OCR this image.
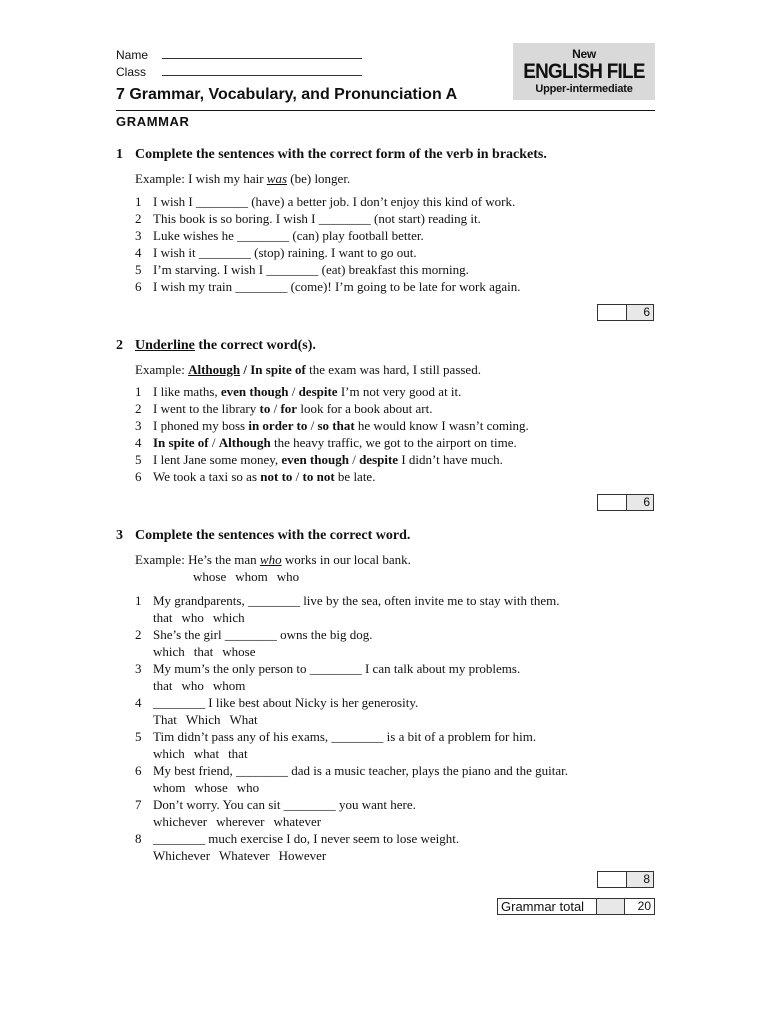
Name
Class
New
ENGLISH FILE
Upper-intermediate
7 Grammar, Vocabulary, and Pronunciation A
GRAMMAR
1 Complete the sentences with the correct form of the verb in brackets.
Example: I wish my hair was (be) longer.
1 I wish I ________ (have) a better job. I don’t enjoy this kind of work.
2 This book is so boring. I wish I ________ (not start) reading it.
3 Luke wishes he ________ (can) play football better.
4 I wish it ________ (stop) raining. I want to go out.
5 I’m starving. I wish I ________ (eat) breakfast this morning.
6 I wish my train ________ (come)! I’m going to be late for work again.
6
2 Underline the correct word(s).
Example: Although / In spite of the exam was hard, I still passed.
1 I like maths, even though / despite I’m not very good at it.
2 I went to the library to / for look for a book about art.
3 I phoned my boss in order to / so that he would know I wasn’t coming.
4 In spite of / Although the heavy traffic, we got to the airport on time.
5 I lent Jane some money, even though / despite I didn’t have much.
6 We took a taxi so as not to / to not be late.
6
3 Complete the sentences with the correct word.
Example: He’s the man who works in our local bank.
whose whom who
1 My grandparents, ________ live by the sea, often invite me to stay with them.
that who which
2 She’s the girl ________ owns the big dog.
which that whose
3 My mum’s the only person to ________ I can talk about my problems.
that who whom
4 ________ I like best about Nicky is her generosity.
That Which What
5 Tim didn’t pass any of his exams, ________ is a bit of a problem for him.
which what that
6 My best friend, ________ dad is a music teacher, plays the piano and the guitar.
whom whose who
7 Don’t worry. You can sit ________ you want here.
whichever wherever whatever
8 ________ much exercise I do, I never seem to lose weight.
Whichever Whatever However
8
Grammar total	20
